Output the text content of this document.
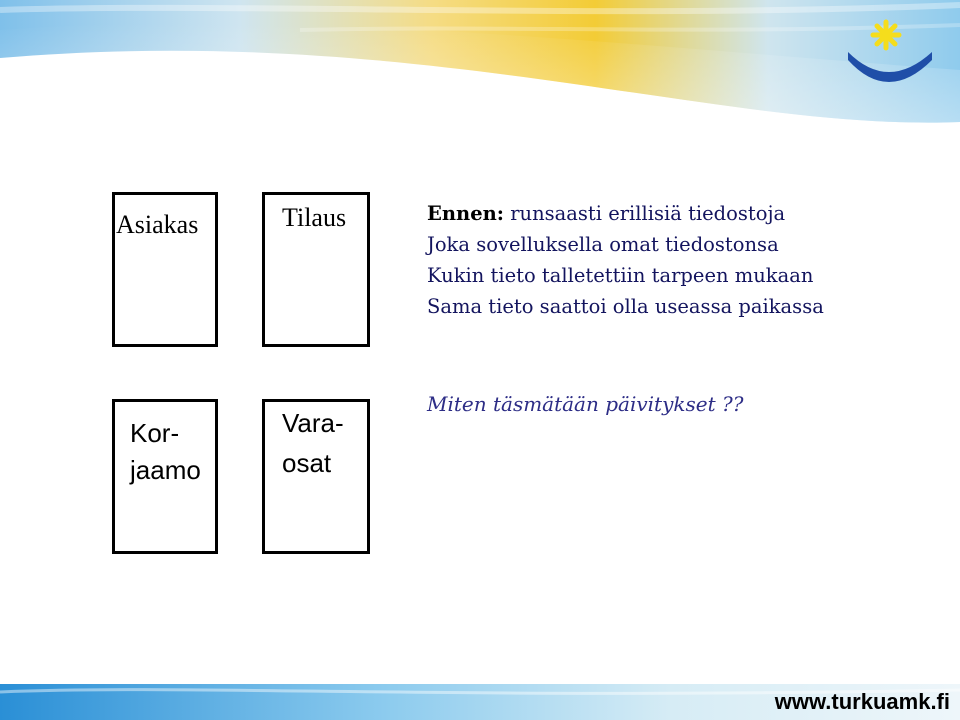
Asiakas	Tilaus
Kor-
jaamo
Vara-
osat
Ennen: runsaasti erillisiä tiedostoja
Joka sovelluksella omat tiedostonsa
Kukin tieto talletettiin tarpeen mukaan
Sama tieto saattoi olla useassa paikassa
Miten täsmätään päivitykset ??
www.turkuamk.fi
